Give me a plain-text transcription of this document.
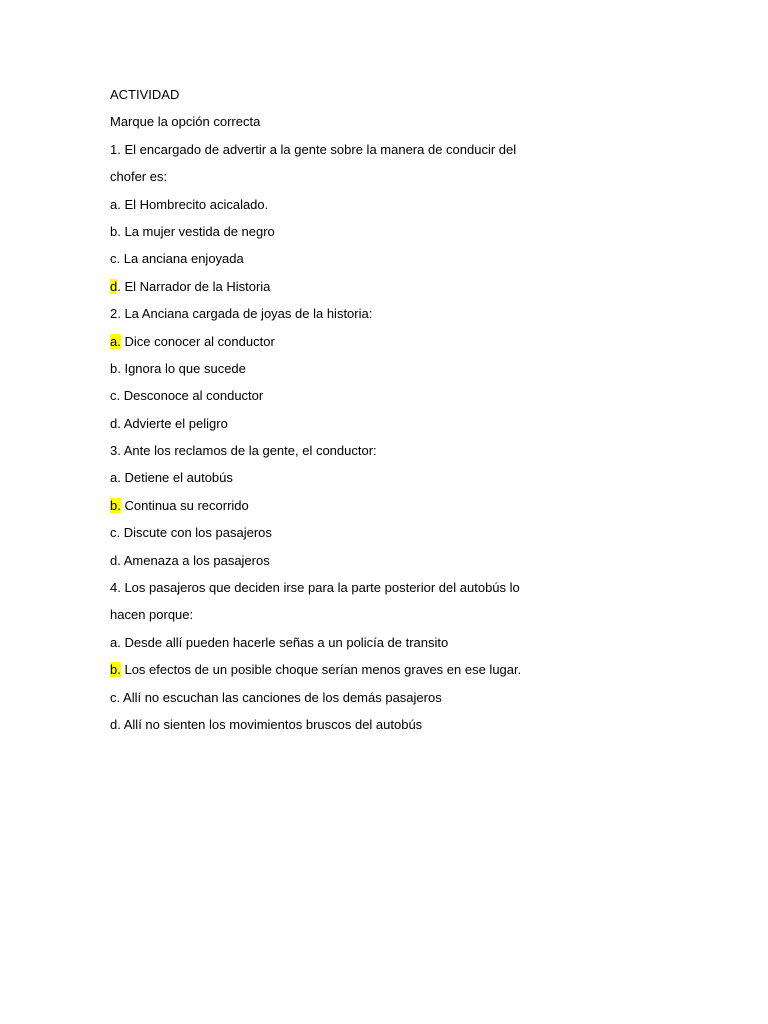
ACTIVIDAD
Marque la opción correcta
1. El encargado de advertir a la gente sobre la manera de conducir del
chofer es:
a. El Hombrecito acicalado.
b. La mujer vestida de negro
c. La anciana enjoyada
d. El Narrador de la Historia
2. La Anciana cargada de joyas de la historia:
a. Dice conocer al conductor
b. Ignora lo que sucede
c. Desconoce al conductor
d. Advierte el peligro
3. Ante los reclamos de la gente, el conductor:
a. Detiene el autobús
b. Continua su recorrido
c. Discute con los pasajeros
d. Amenaza a los pasajeros
4. Los pasajeros que deciden irse para la parte posterior del autobús lo
hacen porque:
a. Desde allí pueden hacerle señas a un policía de transito
b. Los efectos de un posible choque serían menos graves en ese lugar.
c. Allí no escuchan las canciones de los demás pasajeros
d. Allí no sienten los movimientos bruscos del autobús
